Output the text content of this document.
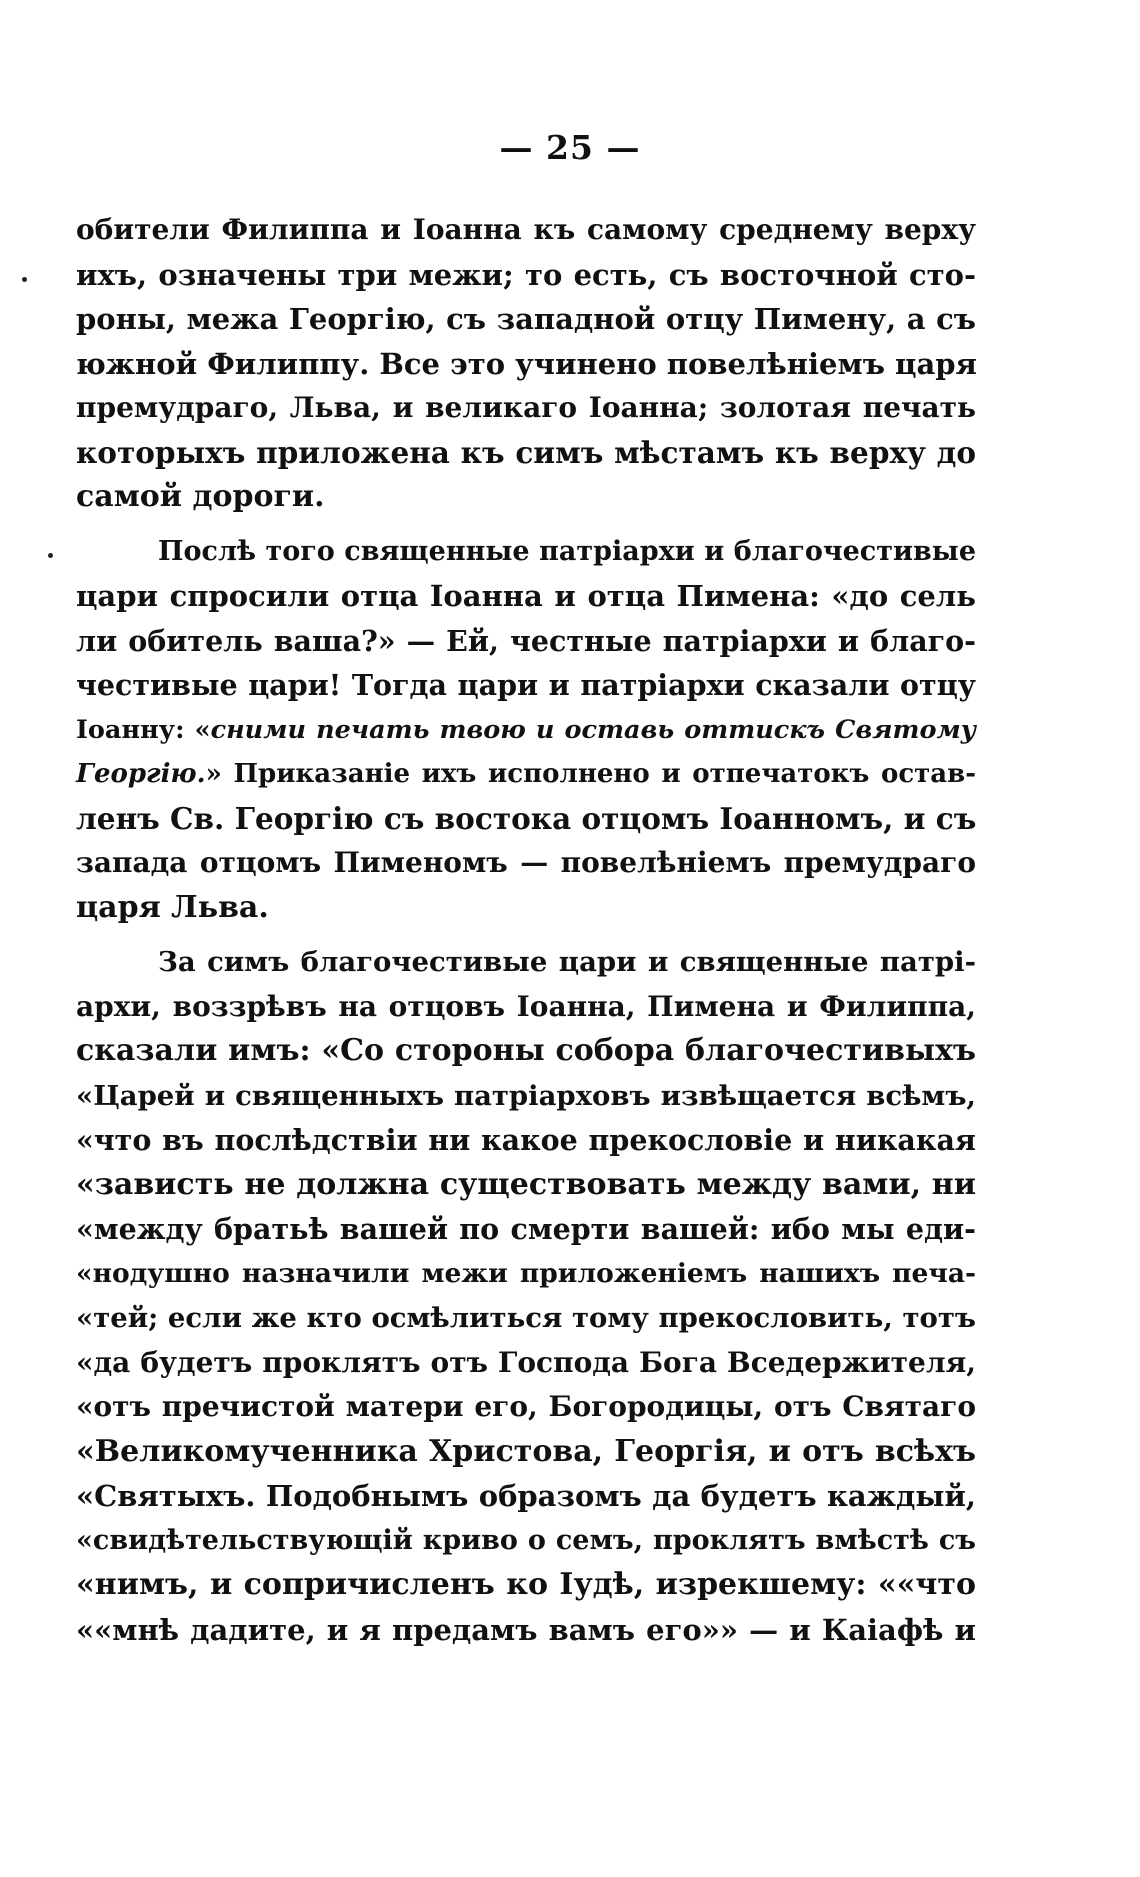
— 25 —
обители Филиппа и Іоанна къ самому среднему верху
ихъ, означены три межи; то есть, съ восточной сто-
роны, межа Георгію, съ западной отцу Пимену, а съ
южной Филиппу. Все это учинено повелѣніемъ царя
премудраго, Льва, и великаго Іоанна; золотая печать
которыхъ приложена къ симъ мѣстамъ къ верху до
самой дороги.
Послѣ того священные патріархи и благочестивые
цари спросили отца Іоанна и отца Пимена: «до сель
ли обитель ваша?» — Ей, честные патріархи и благо-
честивые цари! Тогда цари и патріархи сказали отцу
Іоанну: «сними печать твою и оставь оттискъ Святому
Георгію.» Приказаніе ихъ исполнено и отпечатокъ остав-
ленъ Св. Георгію съ востока отцомъ Іоанномъ, и съ
запада отцомъ Пименомъ — повелѣніемъ премудраго
царя Льва.
За симъ благочестивые цари и священные патрі-
архи, воззрѣвъ на отцовъ Іоанна, Пимена и Филиппа,
сказали имъ: «Со стороны собора благочестивыхъ
«Царей и священныхъ патріарховъ извѣщается всѣмъ,
«что въ послѣдствіи ни какое прекословіе и никакая
«зависть не должна существовать между вами, ни
«между братьѣ вашей по смерти вашей: ибо мы еди-
«нодушно назначили межи приложеніемъ нашихъ печа-
«тей; если же кто осмѣлиться тому прекословить, тотъ
«да будетъ проклятъ отъ Господа Бога Вседержителя,
«отъ пречистой матери его, Богородицы, отъ Святаго
«Великомученника Христова, Георгія, и отъ всѣхъ
«Святыхъ. Подобнымъ образомъ да будетъ каждый,
«свидѣтельствующій криво о семъ, проклятъ вмѣстѣ съ
«нимъ, и сопричисленъ ко Іудѣ, изрекшему: ««что
««мнѣ дадите, и я предамъ вамъ его»» — и Каіафѣ и
